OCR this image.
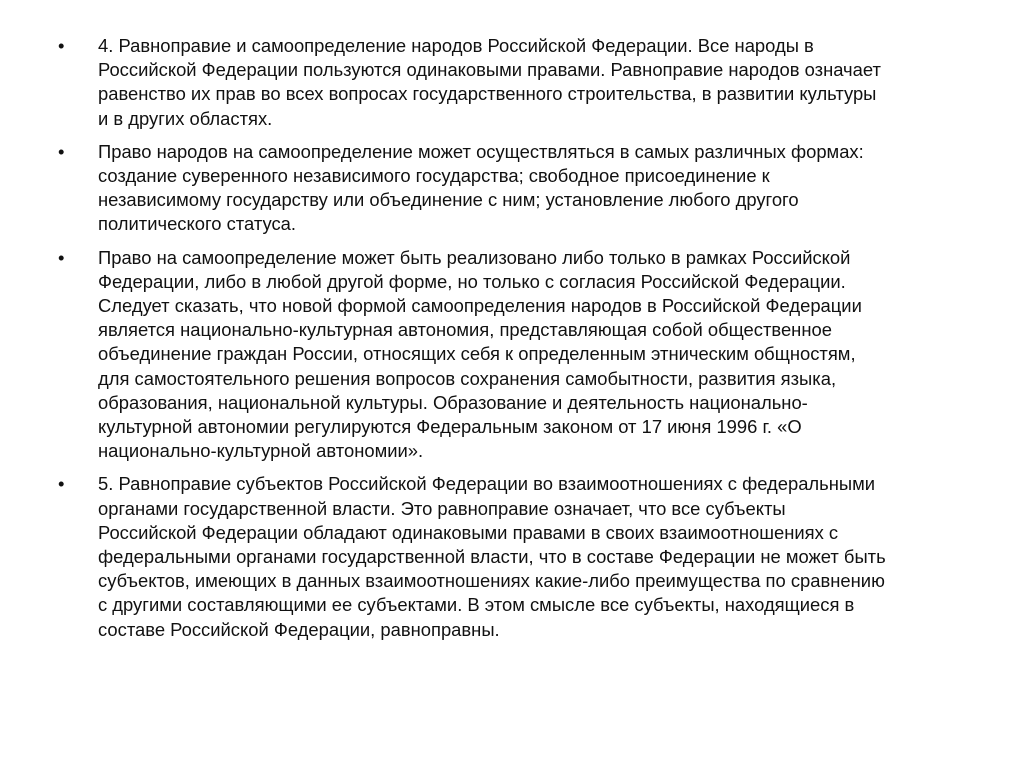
•	4. Равноправие и самоопределение народов Российской Федерации. Все народы в
Российской Федерации пользуются одинаковыми правами. Равноправие народов означает
равенство их прав во всех вопросах государственного строительства, в развитии культуры
и в других областях.
•	Право народов на самоопределение может осуществляться в самых различных формах:
создание суверенного независимого государства; свободное присоединение к
независимому государству или объединение с ним; установление любого другого
политического статуса.
•	Право на самоопределение может быть реализовано либо только в рамках Российской
Федерации, либо в любой другой форме, но только с согласия Российской Федерации.
Следует сказать, что новой формой самоопределения народов в Российской Федерации
является национально-культурная автономия, представляющая собой общественное
объединение граждан России, относящих себя к определенным этническим общностям,
для самостоятельного решения вопросов сохранения самобытности, развития языка,
образования, национальной культуры. Образование и деятельность национально-
культурной автономии регулируются Федеральным законом от 17 июня 1996 г. «О
национально-культурной автономии».
•	5. Равноправие субъектов Российской Федерации во взаимоотношениях с федеральными
органами государственной власти. Это равноправие означает, что все субъекты
Российской Федерации обладают одинаковыми правами в своих взаимоотношениях с
федеральными органами государственной власти, что в составе Федерации не может быть
субъектов, имеющих в данных взаимоотношениях какие-либо преимущества по сравнению
с другими составляющими ее субъектами. В этом смысле все субъекты, находящиеся в
составе Российской Федерации, равноправны.
